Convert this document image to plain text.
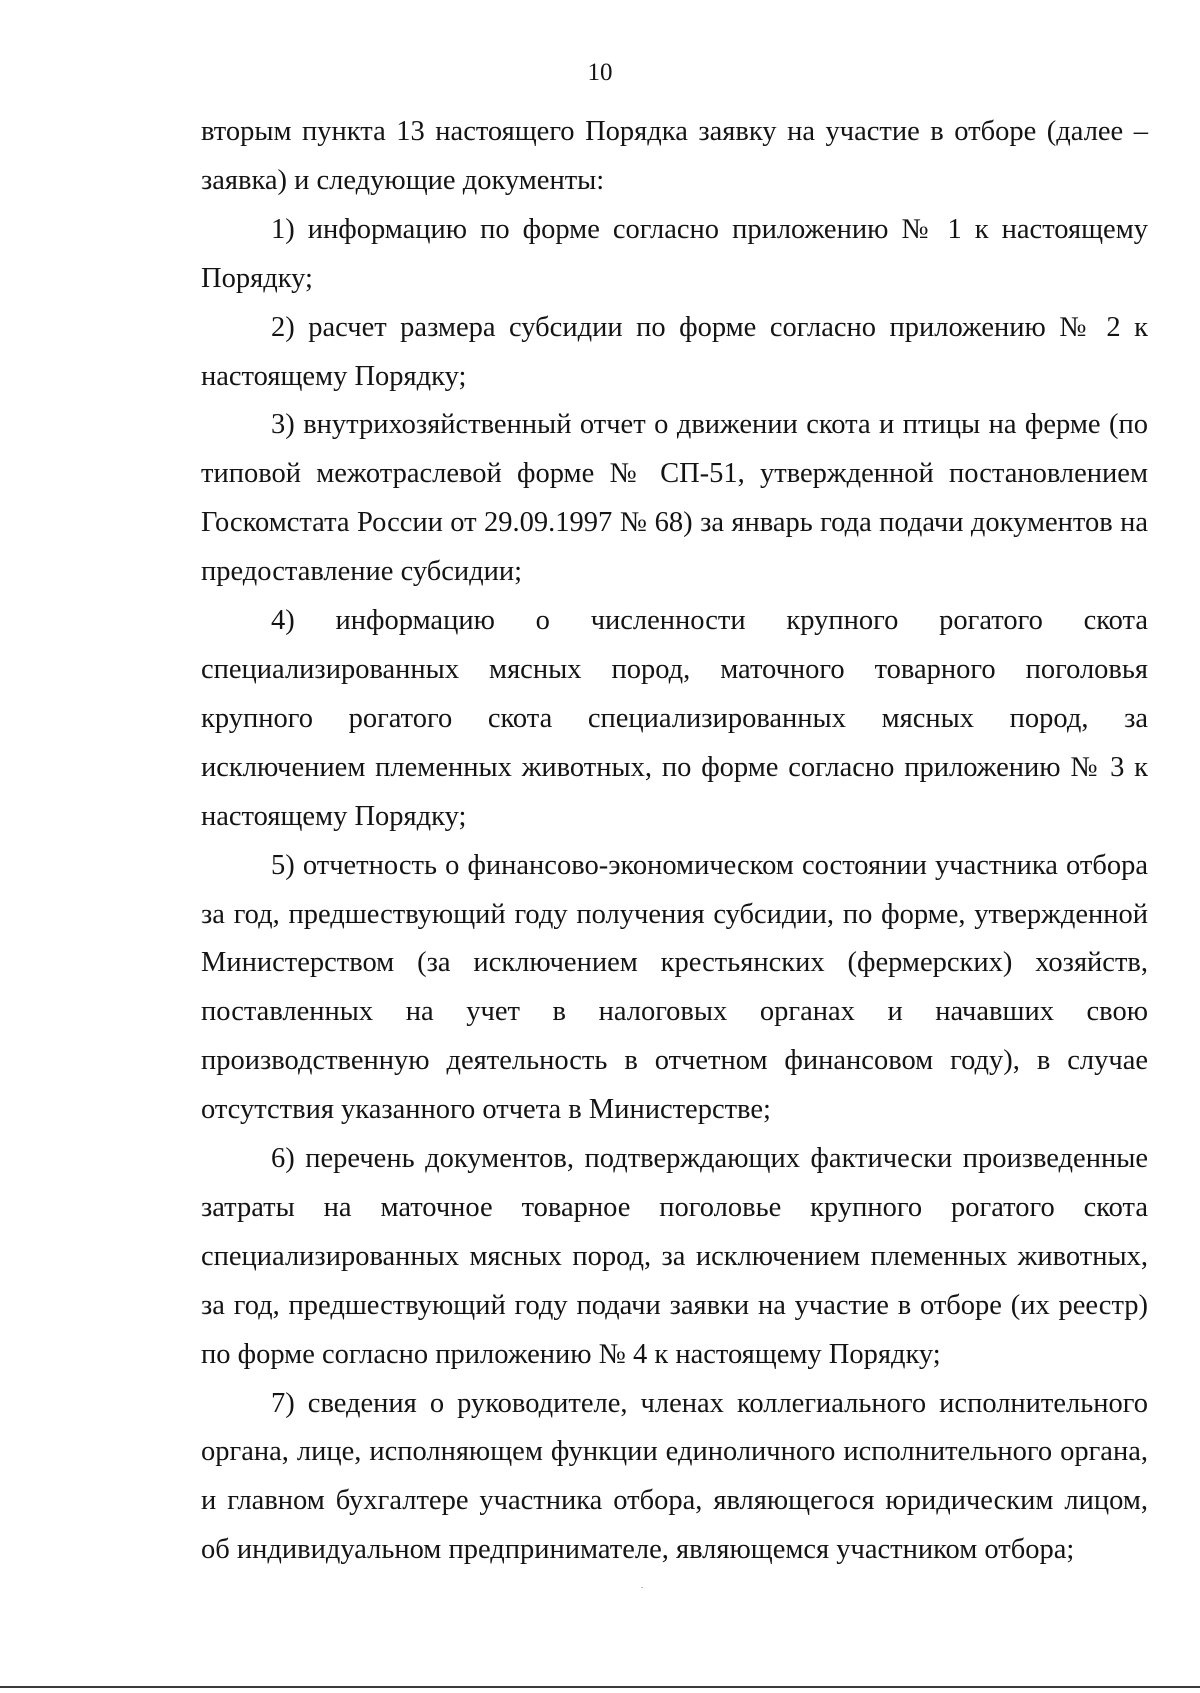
10

вторым пункта 13 настоящего Порядка заявку на участие в отборе (далее – заявка) и следующие документы:

1) информацию по форме согласно приложению № 1 к настоящему Порядку;

2) расчет размера субсидии по форме согласно приложению № 2 к настоящему Порядку;

3) внутрихозяйственный отчет о движении скота и птицы на ферме (по типовой межотраслевой форме № СП-51, утвержденной постановлением Госкомстата России от 29.09.1997 № 68) за январь года подачи документов на предоставление субсидии;

4) информацию о численности крупного рогатого скота специализированных мясных пород, маточного товарного поголовья крупного рогатого скота специализированных мясных пород, за исключением племенных животных, по форме согласно приложению № 3 к настоящему Порядку;

5) отчетность о финансово-экономическом состоянии участника отбора за год, предшествующий году получения субсидии, по форме, утвержденной Министерством (за исключением крестьянских (фермерских) хозяйств, поставленных на учет в налоговых органах и начавших свою производственную деятельность в отчетном финансовом году), в случае отсутствия указанного отчета в Министерстве;

6) перечень документов, подтверждающих фактически произведенные затраты на маточное товарное поголовье крупного рогатого скота специализированных мясных пород, за исключением племенных животных, за год, предшествующий году подачи заявки на участие в отборе (их реестр) по форме согласно приложению № 4 к настоящему Порядку;

7) сведения о руководителе, членах коллегиального исполнительного органа, лице, исполняющем функции единоличного исполнительного органа, и главном бухгалтере участника отбора, являющегося юридическим лицом, об индивидуальном предпринимателе, являющемся участником отбора;
